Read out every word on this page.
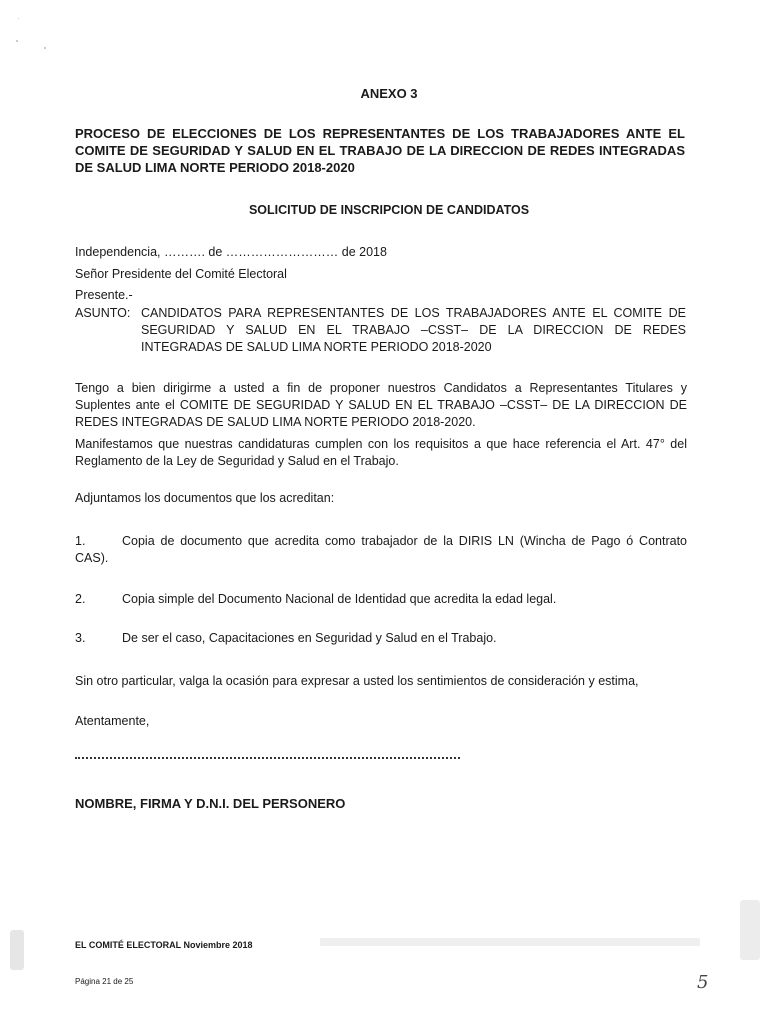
ANEXO 3
PROCESO DE ELECCIONES DE LOS REPRESENTANTES DE LOS TRABAJADORES ANTE EL
COMITE DE SEGURIDAD Y SALUD EN EL TRABAJO DE LA DIRECCION DE REDES INTEGRADAS
DE SALUD LIMA NORTE PERIODO 2018-2020
SOLICITUD DE INSCRIPCION DE CANDIDATOS
Independencia, ………. de ……………………… de 2018
Señor Presidente del Comité Electoral
Presente.-
ASUNTO: CANDIDATOS PARA REPRESENTANTES DE LOS TRABAJADORES ANTE EL COMITE DE
SEGURIDAD Y SALUD EN EL TRABAJO –CSST– DE LA DIRECCION DE REDES
INTEGRADAS DE SALUD LIMA NORTE PERIODO 2018-2020
Tengo a bien dirigirme a usted a fin de proponer nuestros Candidatos a Representantes Titulares y
Suplentes ante el COMITE DE SEGURIDAD Y SALUD EN EL TRABAJO –CSST– DE LA DIRECCION DE
REDES INTEGRADAS DE SALUD LIMA NORTE PERIODO 2018-2020.
Manifestamos que nuestras candidaturas cumplen con los requisitos a que hace referencia el Art. 47° del
Reglamento de la Ley de Seguridad y Salud en el Trabajo.
Adjuntamos los documentos que los acreditan:
1.	Copia de documento que acredita como trabajador de la DIRIS LN (Wincha de Pago ó Contrato
CAS).
2.	Copia simple del Documento Nacional de Identidad que acredita la edad legal.
3.	De ser el caso, Capacitaciones en Seguridad y Salud en el Trabajo.
Sin otro particular, valga la ocasión para expresar a usted los sentimientos de consideración y estima,
Atentamente,
NOMBRE, FIRMA Y D.N.I. DEL PERSONERO
EL COMITÉ ELECTORAL Noviembre 2018
Página 21 de 25	5
